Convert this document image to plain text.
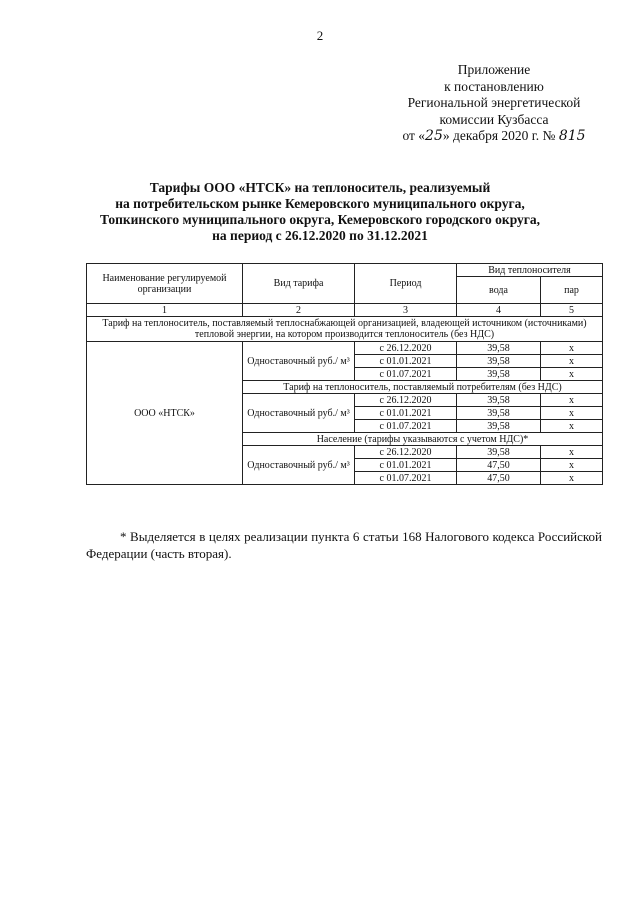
2
Приложение
к постановлению
Региональной энергетической
комиссии Кузбасса
от «25» декабря 2020 г. № 815
Тарифы ООО «НТСК» на теплоноситель, реализуемый
на потребительском рынке Кемеровского муниципального округа,
Топкинского муниципального округа, Кемеровского городского округа,
на период с 26.12.2020 по 31.12.2021
Наименование регулируемой организации	Вид тарифа	Период	Вид теплоносителя	
			вода	пар
1	2	3	4	5
Тариф на теплоноситель, поставляемый теплоснабжающей организацией, владеющей источником (источниками) тепловой энергии, на котором производится теплоноситель (без НДС)				
ООО «НТСК»	Одноставочный руб./ м³	с 26.12.2020	39,58	x
		с 01.01.2021	39,58	x
		с 01.07.2021	39,58	x
	Тариф на теплоноситель, поставляемый потребителям (без НДС)			
	Одноставочный руб./ м³	с 26.12.2020	39,58	x
		с 01.01.2021	39,58	x
		с 01.07.2021	39,58	x
	Население (тарифы указываются с учетом НДС)*			
	Одноставочный руб./ м³	с 26.12.2020	39,58	x
		с 01.01.2021	47,50	x
		с 01.07.2021	47,50	x
* Выделяется в целях реализации пункта 6 статьи 168 Налогового кодекса Российской Федерации (часть вторая).
